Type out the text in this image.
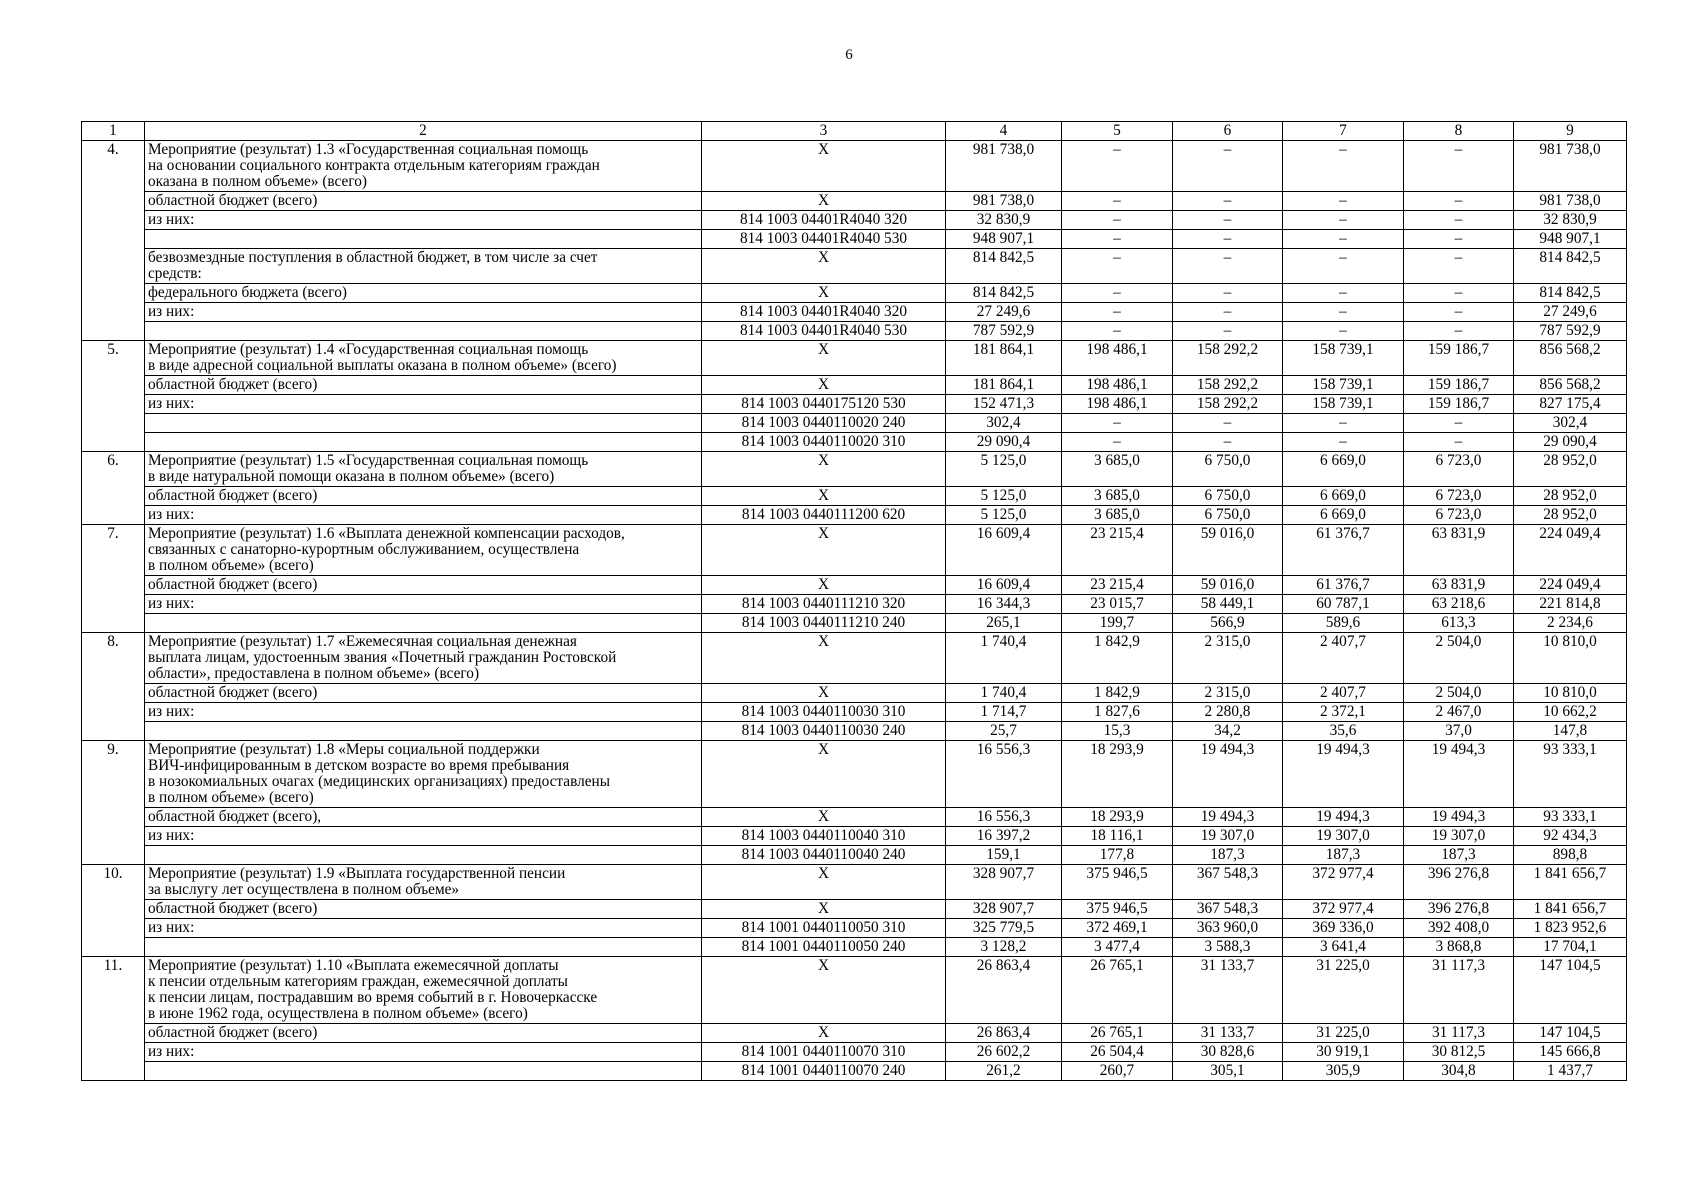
6
1	2	3	4	5	6	7	8	9
4.	Мероприятие (результат) 1.3 «Государственная социальная помощь
на основании социального контракта отдельным категориям граждан
оказана в полном объеме» (всего)	X	981 738,0	–	–	–	–	981 738,0
	областной бюджет (всего)	X	981 738,0	–	–	–	–	981 738,0
	из них:	814 1003 04401R4040 320	32 830,9	–	–	–	–	32 830,9
		814 1003 04401R4040 530	948 907,1	–	–	–	–	948 907,1
	безвозмездные поступления в областной бюджет, в том числе за счет
средств:	X	814 842,5	–	–	–	–	814 842,5
	федерального бюджета (всего)	X	814 842,5	–	–	–	–	814 842,5
	из них:	814 1003 04401R4040 320	27 249,6	–	–	–	–	27 249,6
		814 1003 04401R4040 530	787 592,9	–	–	–	–	787 592,9
5.	Мероприятие (результат) 1.4 «Государственная социальная помощь
в виде адресной социальной выплаты оказана в полном объеме» (всего)	X	181 864,1	198 486,1	158 292,2	158 739,1	159 186,7	856 568,2
	областной бюджет (всего)	X	181 864,1	198 486,1	158 292,2	158 739,1	159 186,7	856 568,2
	из них:	814 1003 0440175120 530	152 471,3	198 486,1	158 292,2	158 739,1	159 186,7	827 175,4
		814 1003 0440110020 240	302,4	–	–	–	–	302,4
		814 1003 0440110020 310	29 090,4	–	–	–	–	29 090,4
6.	Мероприятие (результат) 1.5 «Государственная социальная помощь
в виде натуральной помощи оказана в полном объеме» (всего)	X	5 125,0	3 685,0	6 750,0	6 669,0	6 723,0	28 952,0
	областной бюджет (всего)	X	5 125,0	3 685,0	6 750,0	6 669,0	6 723,0	28 952,0
	из них:	814 1003 0440111200 620	5 125,0	3 685,0	6 750,0	6 669,0	6 723,0	28 952,0
7.	Мероприятие (результат) 1.6 «Выплата денежной компенсации расходов,
связанных с санаторно-курортным обслуживанием, осуществлена
в полном объеме» (всего)	X	16 609,4	23 215,4	59 016,0	61 376,7	63 831,9	224 049,4
	областной бюджет (всего)	X	16 609,4	23 215,4	59 016,0	61 376,7	63 831,9	224 049,4
	из них:	814 1003 0440111210 320	16 344,3	23 015,7	58 449,1	60 787,1	63 218,6	221 814,8
		814 1003 0440111210 240	265,1	199,7	566,9	589,6	613,3	2 234,6
8.	Мероприятие (результат) 1.7 «Ежемесячная социальная денежная
выплата лицам, удостоенным звания «Почетный гражданин Ростовской
области», предоставлена в полном объеме» (всего)	X	1 740,4	1 842,9	2 315,0	2 407,7	2 504,0	10 810,0
	областной бюджет (всего)	X	1 740,4	1 842,9	2 315,0	2 407,7	2 504,0	10 810,0
	из них:	814 1003 0440110030 310	1 714,7	1 827,6	2 280,8	2 372,1	2 467,0	10 662,2
		814 1003 0440110030 240	25,7	15,3	34,2	35,6	37,0	147,8
9.	Мероприятие (результат) 1.8 «Меры социальной поддержки
ВИЧ-инфицированным в детском возрасте во время пребывания
в нозокомиальных очагах (медицинских организациях) предоставлены
в полном объеме» (всего)	X	16 556,3	18 293,9	19 494,3	19 494,3	19 494,3	93 333,1
	областной бюджет (всего),	X	16 556,3	18 293,9	19 494,3	19 494,3	19 494,3	93 333,1
	из них:	814 1003 0440110040 310	16 397,2	18 116,1	19 307,0	19 307,0	19 307,0	92 434,3
		814 1003 0440110040 240	159,1	177,8	187,3	187,3	187,3	898,8
10.	Мероприятие (результат) 1.9 «Выплата государственной пенсии
за выслугу лет осуществлена в полном объеме»	X	328 907,7	375 946,5	367 548,3	372 977,4	396 276,8	1 841 656,7
	областной бюджет (всего)	X	328 907,7	375 946,5	367 548,3	372 977,4	396 276,8	1 841 656,7
	из них:	814 1001 0440110050 310	325 779,5	372 469,1	363 960,0	369 336,0	392 408,0	1 823 952,6
		814 1001 0440110050 240	3 128,2	3 477,4	3 588,3	3 641,4	3 868,8	17 704,1
11.	Мероприятие (результат) 1.10 «Выплата ежемесячной доплаты
к пенсии отдельным категориям граждан, ежемесячной доплаты
к пенсии лицам, пострадавшим во время событий в г. Новочеркасске
в июне 1962 года, осуществлена в полном объеме» (всего)	X	26 863,4	26 765,1	31 133,7	31 225,0	31 117,3	147 104,5
	областной бюджет (всего)	X	26 863,4	26 765,1	31 133,7	31 225,0	31 117,3	147 104,5
	из них:	814 1001 0440110070 310	26 602,2	26 504,4	30 828,6	30 919,1	30 812,5	145 666,8
		814 1001 0440110070 240	261,2	260,7	305,1	305,9	304,8	1 437,7
